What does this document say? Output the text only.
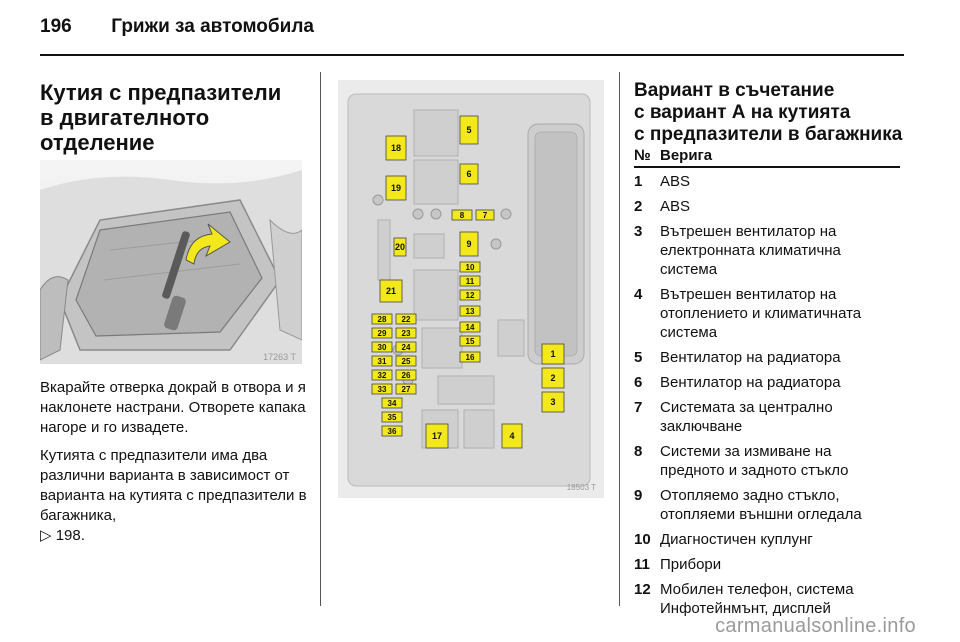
196 Грижи за автомобила
Кутия с предпазители
в двигателното
отделение
17263 T

Вкарайте отверка докрай в отвора и я наклонете настрани. Отворете капака нагоре и го извадете.

Кутията с предпазители има два различни варианта в зависимост от варианта на кутията с предпазители в багажника,
▷ 198.

1
2
3
4
5
6
7
8
9
10
11
12
13
14
15
16
17
18
19
20
21
22
23
24
25
26
27
28
29
30
31
32
33
34
35
36
18503 T
Вариант в съчетание
с вариант А на кутията
с предпазители в багажника
№	Верига
1	ABS
2	ABS
3	Вътрешен вентилатор на електронната климатична система
4	Вътрешен вентилатор на отоплението и климатичната система
5	Вентилатор на радиатора
6	Вентилатор на радиатора
7	Системата за централно заключване
8	Системи за измиване на предното и задното стъкло
9	Отопляемо задно стъкло, отопляеми външни огледала
10	Диагностичен куплунг
11	Прибори
12	Мобилен телефон, система Инфотейнмънт, дисплей
carmanualsonline.info
